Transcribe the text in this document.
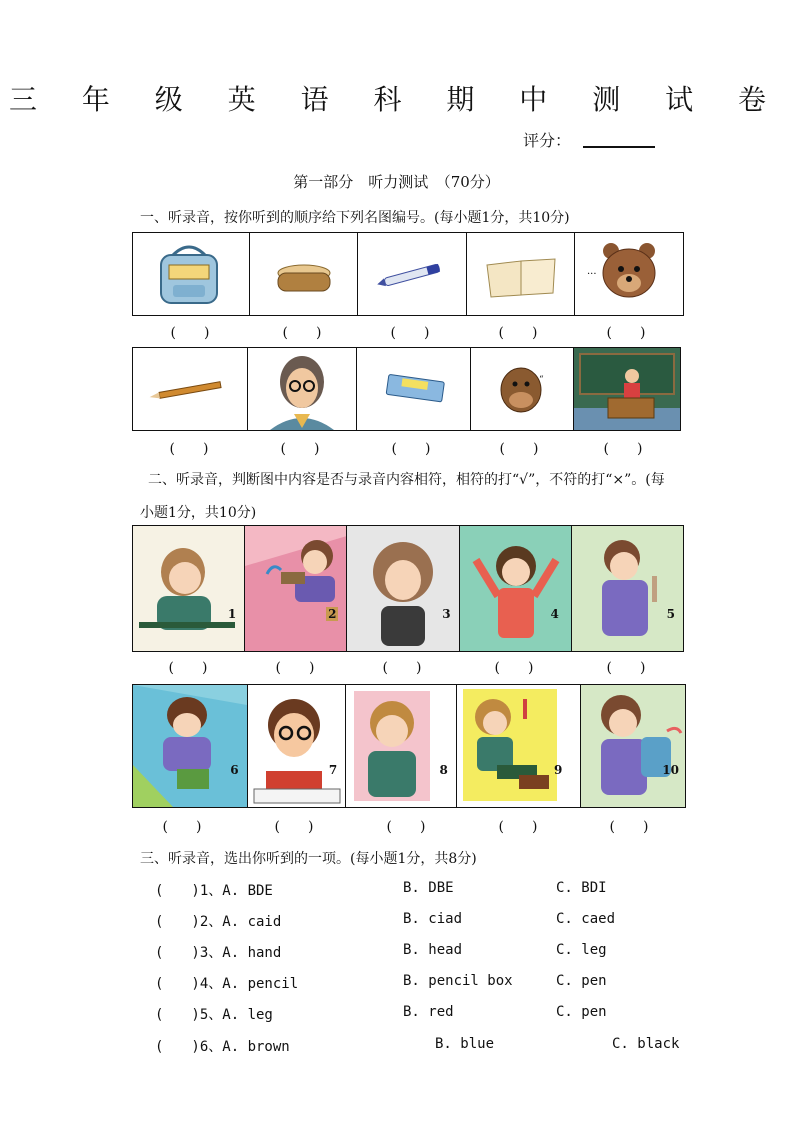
三 年 级 英 语 科 期 中 测 试 卷
评分：
第一部分　听力测试　（70分）
一、听录音，按你听到的顺序给下列名图编号。(每小题1分，共10分)
···
(　　)	(　　)	(　　)	(　　)	(　　)
“
(　　)	(　　)	(　　)	(　　)	(　　)
二、听录音，判断图中内容是否与录音内容相符，相符的打“√”，不符的打“×”。(每
小题1分，共10分)
1	2	3	4	5
(　　)	(　　)	(　　)	(　　)	(　　)
6	7	8	9	10
(　　)	(　　)	(　　)	(　　)	(　　)
三、听录音，选出你听到的一项。(每小题1分，共8分)
(　　)1、A. BDE	B. DBE	C. BDI
(　　)2、A. caid	B. ciad	C. caed
(　　)3、A. hand	B. head	C. leg
(　　)4、A. pencil	B. pencil box	C. pen
(　　)5、A. leg	B. red	C. pen
(　　)6、A. brown	B. blue	C. black
